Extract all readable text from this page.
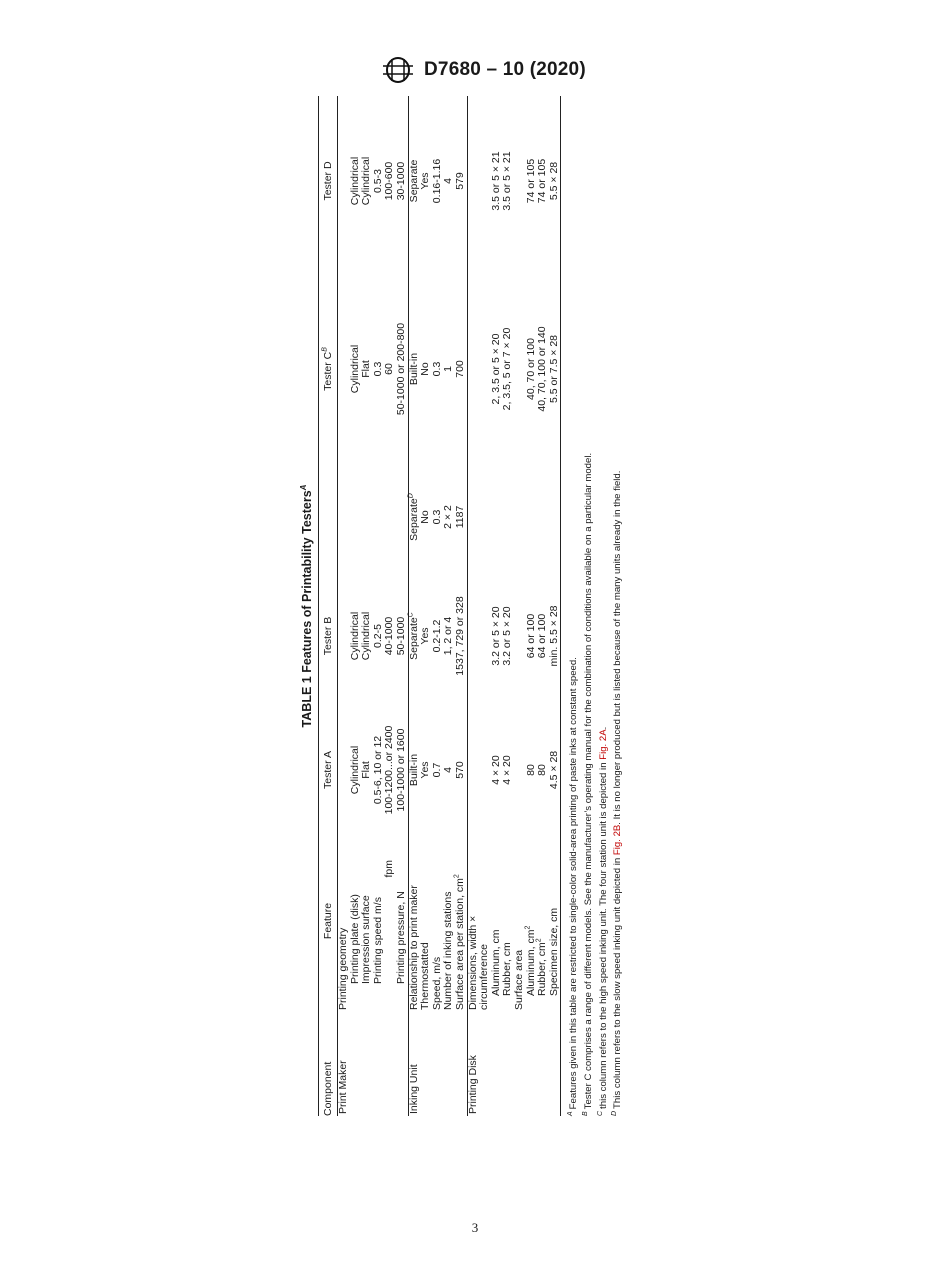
D7680 – 10 (2020)
TABLE 1 Features of Printability Testers$^A$
Component	Feature	Tester A	Tester B		Tester $C^B$	Tester D
Print Maker	Printing geometry					
	Printing plate (disk)	Cylindrical	Cylindrical		Cylindrical	Cylindrical
	Impression surface	Flat	Cylindrical		Flat	Cylindrical
	Printing speed m/s	0.5-6, 10 or 12	0.2-5		0.3	0.5-3
	fpm	100-1200...or 2400	40-1000		60	100-600
	Printing pressure, N	100-1000 or 1600	50-1000		50-1000 or 200-800	30-1000
Inking Unit	Relationship to print maker	Built-in	Separate$^C$	Separate$^D$	Built-in	Separate
	Thermostatted	Yes	Yes	No	No	Yes
	Speed, m/s	0.7	0.2-1.2	0.3	0.3	0.16-1.16
	Number of inking stations	4	1, 2 or 4	2 × 2	1	4
	Surface area per station, $cm^2$	570	1537, 729 or 328	1187	700	579
Printing Disk	Dimensions, width ×					
	circumference					
	Aluminum, cm	4 × 20	3.2 or 5 × 20		2, 3.5 or 5 × 20	3.5 or 5 × 21
	Rubber, cm	4 × 20	3.2 or 5 × 20		2, 3.5, 5 or 7 × 20	3.5 or 5 × 21
	Surface area					
	Aluminum, $cm^2$	80	64 or 100		40, 70 or 100	74 or 105
	Rubber, $cm^2$	80	64 or 100		40, 70, 100 or 140	74 or 105
	Specimen size, cm	4.5 × 28	min. 5.5 × 28		5.5 or 7.5 × 28	5.5 × 28
$^A$Features given in this table are restricted to single-color solid-area printing of paste inks at constant speed.
$^B$Tester C comprises a range of different models. See the manufacturer’s operating manual for the combination of conditions available on a particular model.
$^C$this column refers to the high speed inking unit. The four station unit is depicted in Fig. 2A.
$^D$This column refers to the slow speed inking unit depicted in Fig. 2B. It is no longer produced but is listed because of the many units already in the field.
3
